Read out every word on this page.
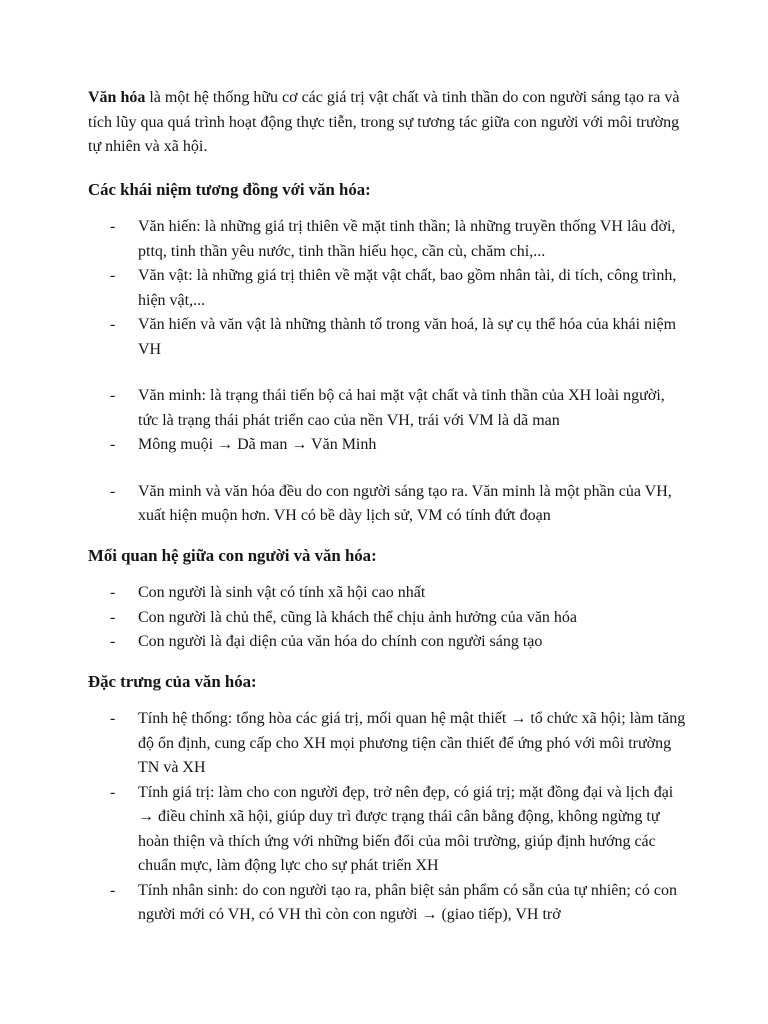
Văn hóa là một hệ thống hữu cơ các giá trị vật chất và tinh thần do con người sáng tạo ra và tích lũy qua quá trình hoạt động thực tiễn, trong sự tương tác giữa con người với môi trường tự nhiên và xã hội.

Các khái niệm tương đồng với văn hóa:
-	Văn hiến: là những giá trị thiên về mặt tinh thần; là những truyền thống VH lâu đời, pttq, tinh thần yêu nước, tinh thần hiếu học, cần cù, chăm chỉ,...
-	Văn vật: là những giá trị thiên về mặt vật chất, bao gồm nhân tài, di tích, công trình, hiện vật,...
-	Văn hiến và văn vật là những thành tố trong văn hoá, là sự cụ thể hóa của khái niệm VH
-	Văn minh: là trạng thái tiến bộ cả hai mặt vật chất và tinh thần của XH loài người, tức là trạng thái phát triển cao của nền VH, trái với VM là dã man
-	Mông muội → Dã man → Văn Minh
-	Văn minh và văn hóa đều do con người sáng tạo ra. Văn minh là một phần của VH, xuất hiện muộn hơn. VH có bề dày lịch sử, VM có tính đứt đoạn
Mối quan hệ giữa con người và văn hóa:
-	Con người là sinh vật có tính xã hội cao nhất
-	Con người là chủ thể, cũng là khách thể chịu ảnh hưởng của văn hóa
-	Con người là đại diện của văn hóa do chính con người sáng tạo
Đặc trưng của văn hóa:
-	Tính hệ thống: tổng hòa các giá trị, mối quan hệ mật thiết → tổ chức xã hội; làm tăng độ ổn định, cung cấp cho XH mọi phương tiện cần thiết để ứng phó với môi trường TN và XH
-	Tính giá trị: làm cho con người đẹp, trở nên đẹp, có giá trị; mặt đồng đại và lịch đại → điều chỉnh xã hội, giúp duy trì được trạng thái cân bằng động, không ngừng tự hoàn thiện và thích ứng với những biến đổi của môi trường, giúp định hướng các chuẩn mực, làm động lực cho sự phát triển XH
-	Tính nhân sinh: do con người tạo ra, phân biệt sản phẩm có sẵn của tự nhiên; có con người mới có VH, có VH thì còn con người → (giao tiếp), VH trở
